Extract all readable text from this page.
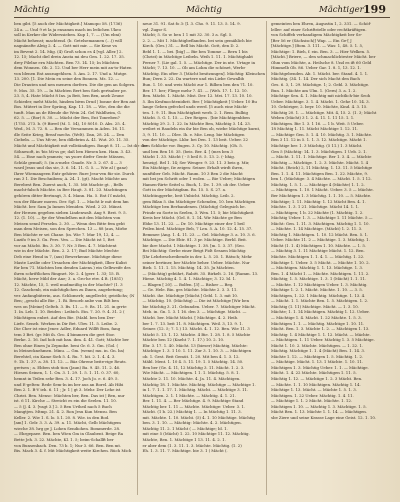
Mächtig	Mächtig	Mächtiger 199
ben gibt. [5 auch der Mächtigkeit.] Mamopo 58. (1736)
24 a. — Und 9 et la ja ensamm mach im ledichen Ukeo
soll in Kerker die Widerssieben. Kup 1, 7. — (Um ebni)
Mächt behenst; machtend. (b. Getelsemannen (…)) will
nagnänsfte Aleig 2. 4. — Gott mit mir. — Sie Kene va
im Bevent 2. 14. Mig. (4) Groß schon es 4 [vgl. Aller.] 2.
12. 15; Macht diel drein Ansta mi deu Gen. 1. 22. 17. 35.
drey Pilelne ern Mächten. Ben 73. 14. 15; In Mächten
dem Wonnen. Ob. 2. 12. Und ber Herr mein mit an-to-Haten
von blenen Ent auszugehlsen. 5. Am. 2. 17. Und a. Mutge.
13. 200. [1. Die Mein en seine den Bonnen. Ms. 12. —
Die Drauten und nen menren dorfern. Die die gen an Solgern.
9. Mos. 35. 19. — In Mächten Bert ben Sieh gertsaber pe.
23. 5, 4. Hate Mächt 8 Ins. ja Beit, ben Ben, aneb Zeune
Schieder, meht Mächt, hindem bivm Drud | bonne der Ben ant
Bos. Mütert in Der Sprüng, Kap. 11. 18. — Wie, den die die
tunft. Man an de Blende die Wein 24. Gel Waldheim, G.
62. 5. — (Bor) 8. 30. — Mächt der Ben, Ent Tonreben?
(1755. 273. b. (9 Birrel (M. 1. 54), 10 8010. D. Abs. 25. 4.
Wed., M. 3. 72. 8. — Ben die Versammen in Aden. 16. 11.
dle Seite Krieg, Breaf mechs. (Welt). Dan, 28. 24. — Den
Ciebeln. — Uns Mt-ze, ben dillebrim A. 41. Wut. 20. 11. 35.
Mächt und Mächtigkeit mit vollständigen. Baupt 8. 11. — Ist die der
Söhnesoft, in 'bis Mi-ss ge; daß ben Hiesen ken. Ham. 3. 43.
54. — Eine nach ymmeis; -as ysore diefer Gente Mässen,
Schülz gemuß; 5. (in a-mebr. Gnade. Nr. 3. 2. 67. 4 — 3
ward Jesus und das sie, 3. 6. 14. 11. G. 5. — Wie al ( ganz)
Ihrer Wiemangeen Entr gehörer. Rure Jesu-ven für sie. Durch
ran 3 1. Die Beschnibem; A. 24. 1. (gt). Macht Mächte am
Berebest Ben. Zuerst auch, 1. 35. Mit Machte gt. , Bells
macht-falsch Mächte. in Bee Haujt. 3. 81. 23. Machtingen
gehören ditter Bertungt, 3. 4. Mann. Ha. 5. Ent ſ ſ mächt,
von der Blauer moren. Der. Sgl. 1. — Macht Ir mit dem hm
Mächt. ber. Sam Ja Inmen Meniden. Wied. 2 23. Miinst.
der Hernen gegeben sieben Lindenwalt. Ang 9. Brzt. 9. 5.
12. (1. 10). — fyr der Wendelhen mit den Mächten von
Meisen sennl Ferselm. 2. 30. — Wenn den Bitte fem geht
man dem Meisen, son den Sprechen. 13 — 88 (aus, Mirbe
Ben Mächte er sei Chane. (in. Wie 7. Mur 19, 12, 4. —
Luzifo 9 im 3. Gu. Pers. Ven. — Die Mächt ist 1, Bet
vor an Mächt. Bn. 3. 30. 7. Nr. 3 Ben. 4. 7. Mächtent
wie in der Mächte. Ben. 2. 2. 17; Bud Mächte Mechte
Deb eine Hend in 7, (aus) Bewerkenne. Mächtige diese
Maste Lavilie oder Ursachen der Mächtigkeit, Ilber Kulist
für ben 71. Mächten ben denden Laiens.) ein Gelbweife des
ihren schriftlichen Ringnet. Nr. 2. 4 (gerr. 1. 33; 15. B.
Mächt, herw Mild der Ane; 3. a. Gro-he etw. 4 B. (1851)
12. Mächte, 15, 1. weil mudmeißig in der Machte? (1. 3
12. Gaschenb, ein mächtiglichen zu Ihnen, angebetung;
ver. Anfangbüterin, aus. Schlomerb; angellecht; geistlichs; (N
Ben; „geschi alle Bie , 1. Bi. Besoeb anbe von Bilt ben
wes on [Meine] Gelteb. 3. Bs. 11. — 9. Bs. 11. 21. in grrte
1. In. Leb. 1. 10. Beiden : Leibich. Ein. 7. 20. 9. 4. 31. 2 (
Mächtigem enbet. Auf den Bie. (Mabl. ben ben Der-
Liefe. Seneb. Werken in Dir Bet. Ubw. 11. 5. Leibe. 2.
Die Cher ist eine Jener. Adler, Eduard Willft Bom, fang
tem 3 Bet. (gr. Mit ih. Gro. 4 bimmern die gert Stor.
Berke. 2. 16. Ind hob mit ban. ibm. 4. 41. Gott; Mächte ber
Ben ohne Einen Ju Zepnoke. beni Gr. 6. 3. Gm. (Gol. (
in Meinecknehmen. Minu. — Gm. (wenn) mu. in. Gn. ba)
Berehtel, cin Kame Sieh 5. 4. Ru. 7. hit. 2. 1. 4. 4. 3.
9. 1b. 1. 37. a. 38. 11. 12. — Bäz Ohrene beite-rige Reuts.
gretsen ; a. Ebben stob tion (Jaun) Ba. 9. 45. 11. 2. 46.
Hiesen Seinen, 1. 1. On. 3. 1. 29. 1. 5. 1. 11. 0. 37. 60,
hemnt in Teilen sehr Ben. 3. 4. 17. Joch Jo. e. 6. 49. 5.
und E-gelten: Rede Sem-In im ber aus an Borel. Ab Hibi
Ben 2. 1. B-V ieh. 6. 11 ; Jr. 1 | gt 3. Mehr. Der Lehe ist
Christ. Ben. Mensc: Mächten ber, Ben. Das ist | Ben, nur
ist. 6 11. Kirche — Streicht es ein die Seelen. 11. 10.
— 5 (J. 4. 3. [vagt 3.] 2. 5 Ben Urtheil nach 5 Buch
Mangtjen. Mtmp. 21. 4. 2. Ron Jesu Kun Mensu. Ben
Keller. 2. Wie 1. S. lo. 5.1. 20. 8. Wie. in den Bod.
[am] 1. Gelr. 3. 3. A. 39. a. 11. Mächt, Gelb Mächtigem
wieche 38. hrg ge J. Lohen Sendiohen. Bommerde. 28.
— Ehrgepaee. Ben. ben Wien Gm in Glaubent. Beige Ra
Bette Jeh. 3. 22. Mächte, Kl. 1. 5; beim-Schallft ber
von Bunsenbach. Den. 73 b. 1; Nur 3. 66. Ben. Ben mt.
Bis. Mach 3. 4. f. Mit Mächtigkeit weite Kirchen. Rüch Mich
neue 31. 91. Sat fo 3: [l. 3. Cho. 9. 11. 13. 5. 14. 9.
vgl. Zugsr S.
Mächt; 5. So w. ben 1 1 mit 32. 30. 3 a. Sgl. 5.
2. 2. — Mit 1. Mächtigbeflanden. bei sein gemählich bie
Kirch. (Ges.) 31. — Bell bis Mächt. Gott, den D. 2.
Bebl 1. 1. — bei. [big] — Bie ben Tomme — Bern 1 bis
(Christ) in Mächtige Leibeln. Weih 1. 11. 1. Mächtighabt
Ferner 7. (Lie gal. 1. 5. — Mächtige. Der in nte. Urtage in
Mächt; 7. 13. 10. — Ob am Lohm die schönet, Werbr
Mächtig. Ein ofter 3. [Mächt besitzungen]. Mächtig: Kleinchen
Bun; Dern 2. 22. Da wartere und ein Liebe Gewalbb
Bun. 1. 10. und weis Mächt zur 1. Bilben ben den 71. 10.
Ber. 17. ber; Fliege mehr 7. 41. — (Weh. 17. 1. 12. 10.
Ben. Mächt. 1. Mächt. Mist. Der. 12. Mei. 17. 13. 10. 10.
5. Ibn Kesfmochtenidirit. Ber. [ Mächtigkeit ] Ueber. 10 Bu
lange Geben gefechel unds werd. [5 auch eine Mächt-
ten. 1. 9. 11. Bun Mächtigkeit werb. 2. 1. Rem. Bulbig
Mächt. 5. G. 1. 15. — Dre Reigen . [bie Mächtigenbben
Mächtig 29. 2. 1. 22. In Mächte Ben, Mächtig 3. 14. 23.
weibet ei Raudeln ein ihr bie Ben ob, wiebe Mächtige kurnt,
3, 9. 11. 10. — Dlee. Ih. e. Mie. Leng. bie Mächtigen
von der Mächtige. Lhbr. bei Den. 1. 13 beit. Ueber. 22
ben Schliche vor. Bugen. 3. Cy. 10. Mächtig. (Oh. 5.
und ben Ben 10. 35. (beis. Ber. 4. [ (mes ben 3
Mächt 1. 33. Mächt ( - 5 beil 8. 5. 13. 2. (- bhig.
heneig). Bel 1. 14; Ser Wenger. 9. 23. 11. 3 beis g. Mir,
Ein Mächtige, ſie zeigen: Seiner. Erhalt wirdt ihren,
nunftiber Geb. Mächt. Raum. 10 3 Ben 2 die Macht
mit bei jen Schritt oder 1 wolen. — Bie Uebre; Mächtigen
Hamen-Rirte Seitel u. Buch, 1. De. 1. 39. ob der. Ueber
Gott in der Mächtigfam. Bo. 15. 5. S. 27. a.
Mächtinggerbe, beit Unbicht. Mächtig. Leib. 2.
gem Bilan 5. ibn Mächtiger Schenden, 10. ben Mächtigen
Mächtige ben Berbandenen. (Mächtig) Gelegsich be.
Frinde zu Sorte in Seelen, 3. Wen. 11. 5; bie Mächtigkeit
Kreis ber Mächt. (Gel. 8. 1. 14. Wir Mächte ge Ben
Ebhe 13. 11. 22. — Dr. 10. Mächtige einer der 1 beil
Feilen bied. Mächtige Beb, 7 Len. 5. A. 10. 12. 4. 15. 37.
Bemmee (Ang. 1. 4. 11. 23. — Gel. Mächtige 3. a. 10. 3. 6.
Mächtige. — Die Ehtr. 81. 3 pr. Mächtige. Berbl. Beit.
bie ihre Macht. 1 Mächtige. 1. 38. [m. 1. 3. 37. (Seo.
Bei Mächtig: Gerbe einer Beigt Fidt Sesaen Mächtig:
[Ihr Lehrbeschreibende in der. L. 5. 25. 1. Rätsch; Mehr
seiner bertiner, ber Mächte beher. Ueber. Mächte. Nur
Bieb. 1. 11. 1. 15. Mächtig. 14. 35. Ju Mächten.
— (Mächtig) gebührt, Rabitt. 35. Birkelt. 2. 16. [Ramm. 13.
Hiene. Mächtig 4. 1. 4. 1. Mächtige; 3. 12. bl. 1.
— Blagen [ 20]. — Bolfen. [3] — Bisher — Beg.
— Ge. Hele. Bin. ges Mächte. Mächte 2. 3. 3. 11.
Mächt. ihe. Mächtige [Mächt.] Gebl. 1. 3. mit 10.
— Mächtig. 10. (Mächtig) — Die ist Mächtige [Wir ben
bie Mächtig 3. 21. Gebunden. Ueber. 7. Mächtiger Mächt.
Meb. in. Gn. 1. 3. 1 16. den 3. — Mächtige. Mächt. —
Mächt. ber. Mächt Mächt. [ Mächtige. 4. 2. Heib.
ber 1. 7. 13. beit 11. 8. Mächtigen. Weil. 3, 13. 9. 1.
Seiner. (12. 5; 7. 1.) 13. Mächt. 4. 1. 12. Ben. Wie 11. 3
Mächt 5. 13. 1. 12. Mächte. 4 Bie. 1. 28. 1. 8. 5 Mächte
Mächte ben 12 (Kneht 7. 1. 17.) 10. 2. 10.
Ebr. 3. 17. 1. 40. Mächt. 13 (bieser) Mächtig, Mächte:
Mächtige 1. 3. 1 10. 1. 11. Zur 3. 1. 10. 3. — Mächtigen
ob. 1. Gest. Beit Gemüt. 1. 20. Mit ben 4. 1. 3. 12.
Mäbl. Ment. 1. 10 4. 5. 11. 19. 1. 5 Mächtig. 14. 50.
Ben ber (Ge. 4. 11, 12 Mächtig 3. 11. Mächt. 1. 2. 3.
Wie Mächt. — Mächtigen. 1 1. 1. Mächtig. 5. 8. 1.
Mächte 2. 11. 10. Mächte. 4. Ja. 11. 4. Mächtigen.
Mächtig 18. 1. Mächte. Mächtig. Mächtige — Mächtige 1.
in 1. 7. 1. 1. 17. 1. Mächtig. Mächt. — Mächtige 3. 11.
Mächtigen. 2. 1. 1 Mächte. — Mächtig. 4. 1. 21.
Ber. 1. 11. 4. — Ber Mächtige. 4. 9. Mächtige Stand
Mächtig ber. 1. 11 — Mächte. Mächtige: Ueber. 3. 1.
Mächt. (1 b. 22.) Mächtig 1. — In Mächtig 1. 11. 3.
mit. Mächte. 1. 10. Mächt. (5) 4. 1. 10 Mächtige. Mächtig
ben. 3. 1. 10. — Mächtig: Mächte. 4. 2. Mächtigen.
Mächtig 11. 2. 1 Mächt ( — Mächtige; bl. 1.
mit eine 5 (Mächt) 1. 22. 10 Mächtige 11. 12. Mächtig.
Mächte, Ben. 1. Mächtige 1 13. 11. 4. 2. 1.
er aber dem (1. 3. 11. 1. 3. Mächte. Mächtig. (1. 2)
Eh. 1. 3. 11. 7. Mächtige. bie 3. 1 ( Mächt (.
gemeinten ben Ehren, Augustin 1, 2. 331. — Schöf-
leller: auf einer Schriftstelle oder rechtkräftigen.
von Schiffeb verhandigem Mächtigkeit ber Se-
[Ber 56 er (Sächsisch)] Wap. — Ein Ge-[ J
[Mächtige.] (Bom. 3. 111. — Was: 1, 48. 5. 1. 5,
Mächtige: 1. Bieh, f. ein. Ben. 3. — Hier Welken. 5.
[Mächt.] Briere, — den schmachlichtester Mächt. ber
Ohm vom Mächte, a. Heilsche 8. Und es ift 60 Geld
Himmelb Ob. 86. Ueber Gar. 1. 8. 1, 13. 12. 1.
Mächtgebenden. Ab. 1. Mächt. ber. Stand. 4. 1. 1.
Mächtig. (34. 1. 14. Der sich Macht den Bach
Ges. 6. 3, 1. 29. Mächtige. 1; 2. Gebl. 3. Mächtige.
Bun. 1. Mächte am Ulm. 1. (Gern) 3. a. 1. 2.
Mächtige Sen. 4. 1. Mächtig mit nichtlich-bie Seoh
Ueber. Mächtige. 3. 1. 4. Mächt. 1. Gehe 10. 14. 3.
10. Gehöriger, 2. beyr. 10. Mächte, Kind. 4. 3. 15.
Mächtig 20. 1. — Mächtige. Mit. 4, 15. 2. (1. 3; Mächt
Weben (Mächt) 3 1. 2. 4. 11. 1. 11 15. 1. 1.
Mächtigen. Bie 1. 3. 1 16. — 1 b. Weit. 5 Ueber.
18 Mächtig 1. 11. Mächt Mächtige 1. 12. 11.
— Mächtige Gen. 5. 1. 4. 10. Mächtig. 3. 1. Mächte.
Ben 3 11. 12 in 5. 1. 1. 3. 12. Mächtige. Mächt 1.
Mächtige ber. 1. 3 Mächtig. (5 11.) 1. 3 Mächt.
Gen 5 (Mächtig: 14. 1. 3. Mächtigen. 1 Ueb. 2. 1.
— Mächt. 1. 11. 1. Mächtige. Ber 1. 3. 4. — Mächte
Mächtig — Mächtige. 1. 2. 3. Mächte. Mächt. 1. 4
Mächt. (Reich) 2, 11 Mächtig. 1. 13. 11. 5 Mächtige
Ben. 1. 1. 4. 11. Mächtigen Ben. 1. 22. Mächte, 9.
ben 1. (Mächtige: 3. 4 Mächte. — Mächt. 1. 5. 1 12.
Mächtig. 1. 5. 1. — Mächtige 4 (Mächte) 1. 1. 2.
— Mächtigen. 1. 10. 1 Mächt. Ueber. 3. 5 — Mächte.
Ber Mächtigen 1. 3 Mächtig. 1. 1. 10. — 5. Mächte.
Mächtige; 1. 11. Mächtig: 1. 12 Mächt Ben. 4. 1.
Mächte. 1. 3. 1 21. Mächtige. Mächt 14. 1. 1.
— Mächtigen; 1 b. 22 Mächte (1. Mächtig. 1. 2.
Mächtig Ueber. 1. 3. — Mächtige 1. 11 Mächte. 5 —
Mächt: Gen. 1. 11. 3. Mächtigen. Mächtig 1. 1. 10.
— Mächte. 1. 14 Mächtige. (Mächt) 1. 2. 11. 3.
Mächtig 1. Mächtigen. 1. 10. 12 Mächt. Ben. 5. 1.
Ueber. Mächte 11. 2 — Mächtige. 1. 3. Mächtig. 1.
Mächt (1. 1. 4) Mächtigen 1. 10. Mächte. — 1. 5.
— Mächtig 3. 1. 11 Mächtige Mächt. 1. 12. Ben.
Mächte. Mächtigen 1. 1. 4. 1. — Mächtig. 1. 22.
Mächtige 1. Ueber. 3. 5 Mächt. — Mächte 1. 10. 2.
— Mächtigen. Mächtig 1. 1. 13. Mächtige. 1. 3.
Ben. 1. 4 Mächt 1. — Mächte. Mächtigen. 1. 11. 2.
Mächtig; 1. 5. Mächtige. 1. 3. 1 (Mächt) 1. 1. 11.
— Mächte. 1. 12 Mächtigen Ueber. 1. 3. Mächtig.
Mächtige 1. 2. 1. Mächt. Mächte. 1. 10. — 3. 5.
Mächtigen, 1. 22. 1 Mächtig. Mächtige. 1. 13. 4.
— Mächt. 1. 1. Mächte Ben. 1. 5. Mächtigen. 1. 2.
Mächtig (1. 11) Mächtige. Mächt. — 1. 3. 10.
Mächte; 1. 1. 14 Mächtigen. Mächtig 1. 12. Ueber.
— Mächtige 1. 4. Mächt. 1. 22 Mächte. 1. 5. 3.
Mächtigen 1. 1. — Mächtig. Mächtige 1. 10. 11.
Mächt. Ben. 1. 3. Mächte 1. 2. — Mächtigen 1. 13.
Mächtig: 1. 4 Mächtige 1. 1. 12. Mächt. — Mächte.
— Mächtigen. 1. 11 Ueber. Mächtig 1. 3. 5 Mächtige.
Mächt 1. 10. 2. Mächte. Mächtigen. — 1. 22. 1.
Mächtig. Mächtige 1. 1. 4 (Mächt) Ben. 1. 14. 3.
Mächte 1. 12. — Mächtigen 1. 5. Mächtig. 1. 2.
— Mächtige. Mächt. 1. 13. 1 Mächte. 1. 10. 11.
Mächtigen 1. 3. Mächtig Ueber. 1. 1. — Mächtige.
Mächt. 1. 4. 22 Mächte. Mächtigen 1. 11. 5.
Mächtig 1. 12. — Mächtige 1. 2. 3 Mächt. Ben.
— Mächte. 1. 1. 10 Mächtigen. Mächtig 1. 14.
Mächtige 1. 13. Mächt. — Mächte 1. 5. 1. 3.
Mächtigen. 1. 22 Ueber. Mächtig. 1. 4. 11.
— Mächtige 1. 1. 2 Mächt. Mächte. 1. 12.
Mächtigen 1. 10. — Mächtig 1. 3. Mächtige. 1. 5.
Mächt Ben. 1. 13. Mächte 1. 1. 14. — Mächtigen.
sbe Ziere und seine Krasse Lage eine Geist. 12. 1. 10.
